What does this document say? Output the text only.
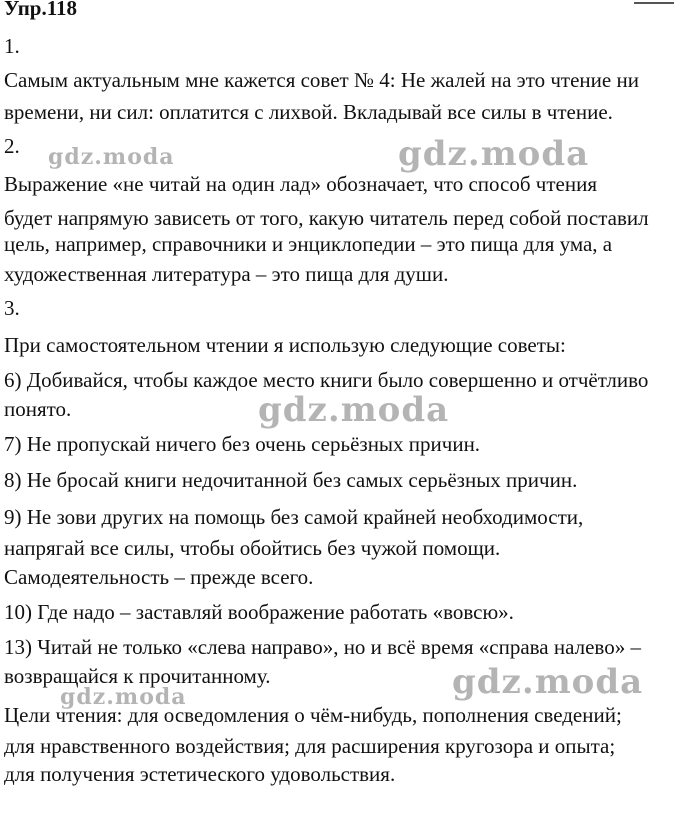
Упр.118
1.
Самым актуальным мне кажется совет № 4: Не жалей на это чтение ни
времени, ни сил: оплатится с лихвой. Вкладывай все силы в чтение.
2.
Выражение «не читай на один лад» обозначает, что способ чтения
будет напрямую зависеть от того, какую читатель перед собой поставил
цель, например, справочники и энциклопедии – это пища для ума, а
художественная литература – это пища для души.
3.
При самостоятельном чтении я использую следующие советы:
6) Добивайся, чтобы каждое место книги было совершенно и отчётливо
понято.
7) Не пропускай ничего без очень серьёзных причин.
8) Не бросай книги недочитанной без самых серьёзных причин.
9) Не зови других на помощь без самой крайней необходимости,
напрягай все силы, чтобы обойтись без чужой помощи.
Самодеятельность – прежде всего.
10) Где надо – заставляй воображение работать «вовсю».
13) Читай не только «слева направо», но и всё время «справа налево» –
возвращайся к прочитанному.
Цели чтения: для осведомления о чём-нибудь, пополнения сведений;
для нравственного воздействия; для расширения кругозора и опыта;
для получения эстетического удовольствия.
gdz.moda	gdz.moda
gdz.moda
gdz.moda	gdz.moda
